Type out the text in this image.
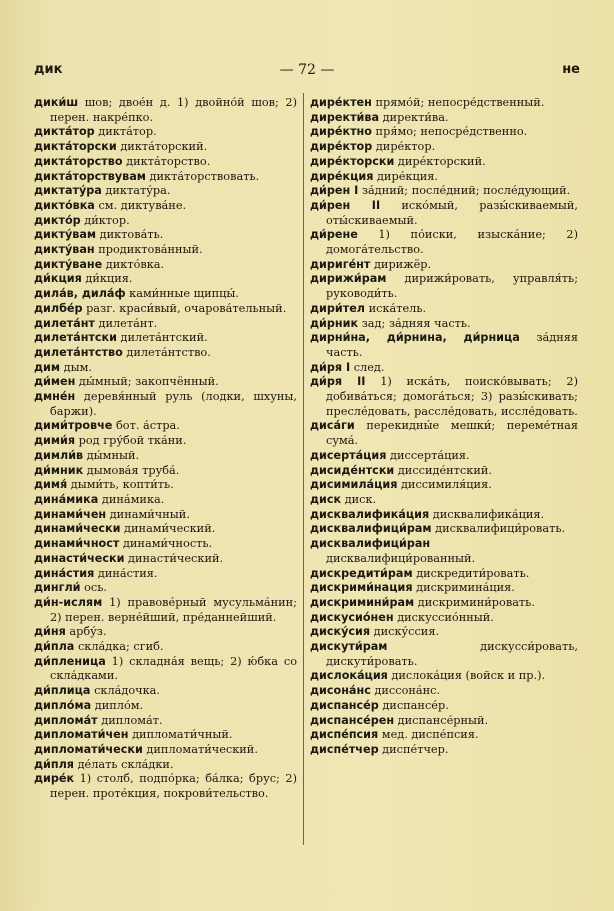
дик	— 72 —	не

дики́ш шов; двое́н д. 1) двойно́й шов; 2) перен. накре́пко.

дикта́тор дикта́тор.

дикта́торски дикта́торский.

дикта́торство дикта́торство.

дикта́торствувам дикта́торствовать.

диктату́ра диктату́ра.

дикто́вка см. диктува́не.

дикто́р ди́ктор.

дикту́вам диктова́ть.

дикту́ван продиктова́нный.

дикту́ване дикто́вка.

ди́кция ди́кция.

дила́в, дила́ф ками́нные щипцы́.

дилбе́р разг. краси́вый, очарова́тельный.

дилета́нт дилета́нт.

дилета́нтски дилета́нтский.

дилета́нтство дилета́нтство.

дим дым.

ди́мен ды́мный; закопчённый.

дмне́н деревя́нный руль (лодки, шхуны, баржи).

дими́тровче бот. а́стра.

дими́я род гру́бой тка́ни.

димли́в ды́мный.

ди́мник дымова́я труба́.

димя́ дыми́ть, копти́ть.

дина́мика дина́мика.

динами́чен динами́чный.

динами́чески динами́ческий.

динами́чност динами́чность.

династи́чески династи́ческий.

дина́стия дина́стия.

дингли́ ось.

ди́н-ислям 1) правове́рный мусульма́нин; 2) перен. верне́йший, пре́даннейший.

ди́ня арбу́з.

ди́пла скла́дка; сгиб.

ди́пленица 1) складна́я вещь; 2) ю́бка со скла́дками.

ди́плица скла́дочка.

дипло́ма дипло́м.

диплома́т диплома́т.

дипломати́чен дипломати́чный.

дипломати́чески дипломати́ческий.

ди́пля де́лать скла́дки.

дире́к 1) столб, подпо́рка; ба́лка; брус; 2) перен. проте́кция, покрови́тельство.

дире́ктен прямо́й; непосре́дственный.

директи́ва директи́ва.

дире́ктно пря́мо; непосре́дственно.

дире́ктор дире́ктор.

дире́кторски дире́кторский.

дире́кция дире́кция.

ди́рен I за́дний; после́дний; после́дующий.

ди́рен II иско́мый, разы́скиваемый, оты́скиваемый.

ди́рене 1) по́иски, изыска́ние; 2) домога́тельство.

дириге́нт дирижёр.

дирижи́рам дирижи́ровать, управля́ть; руководи́ть.

дири́тел иска́тель.

ди́рник зад; за́дняя часть.

дирни́на, ди́рнина, ди́рница за́дняя часть.

ди́ря I след.

ди́ря II 1) иска́ть, поиско́вывать; 2) добива́ться; домога́ться; 3) разы́скивать; пресле́довать, рассле́довать, иссле́довать.

диса́ги перекидны́е мешки́; переме́тная сума́.

дисерта́ция диссерта́ция.

дисиде́нтски диссиде́нтский.

дисимила́ция диссимиля́ция.

диск диск.

дисквалифика́ция дисквалифика́ция.

дисквалифици́рам дисквалифици́ровать.

дисквалифици́ран дисквалифици́рованный.

дискредити́рам дискредити́ровать.

дискрими́нация дискримина́ция.

дискримини́рам дискримини́ровать.

дискусио́нен дискуссио́нный.

диску́сия диску́ссия.

дискути́рам дискусси́ровать, дискути́ровать.

дислока́ция дислока́ция (войск и пр.).

дисона́нс диссона́нс.

диспансе́р диспансе́р.

диспансе́рен диспансе́рный.

диспе́псия мед. диспе́псия.

диспе́тчер диспе́тчер.
